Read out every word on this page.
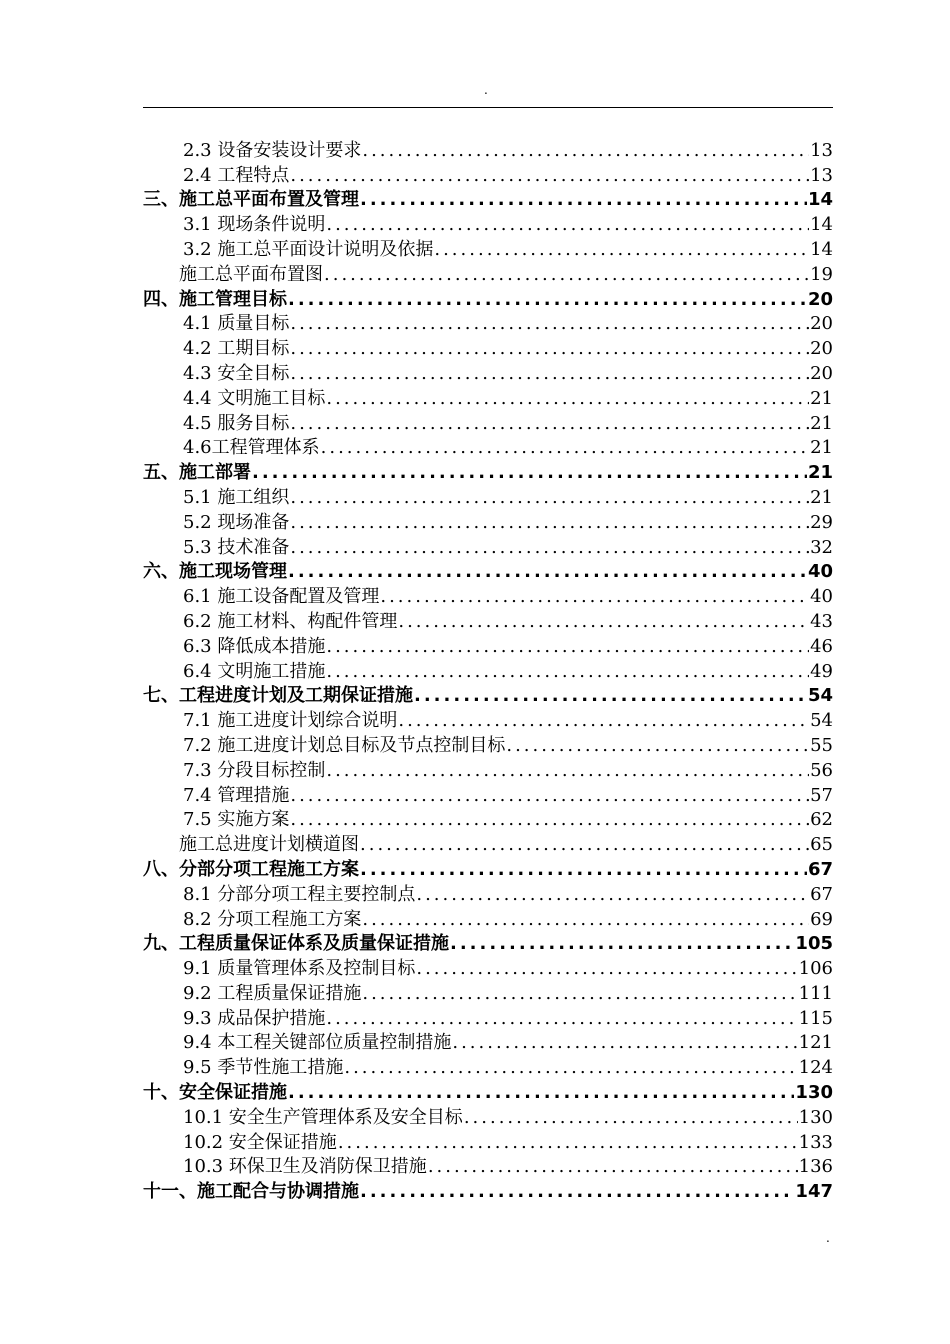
.
2.3 设备安装设计要求 .....	13
2.4 工程特点 .....	13
三、施工总平面布置及管理 .....	14
3.1 现场条件说明 .....	14
3.2 施工总平面设计说明及依据 .....	14
施工总平面布置图 .....	19
四、施工管理目标 .....	20
4.1 质量目标 .....	20
4.2 工期目标 .....	20
4.3 安全目标 .....	20
4.4 文明施工目标 .....	21
4.5 服务目标 .....	21
4.6工程管理体系 .....	21
五、施工部署 .....	21
5.1 施工组织 .....	21
5.2 现场准备 .....	29
5.3 技术准备 .....	32
六、施工现场管理 .....	40
6.1 施工设备配置及管理 .....	40
6.2 施工材料、构配件管理 .....	43
6.3 降低成本措施 .....	46
6.4 文明施工措施 .....	49
七、工程进度计划及工期保证措施 .....	54
7.1 施工进度计划综合说明 .....	54
7.2 施工进度计划总目标及节点控制目标 .....	55
7.3 分段目标控制 .....	56
7.4 管理措施 .....	57
7.5 实施方案 .....	62
施工总进度计划横道图 .....	65
八、分部分项工程施工方案 .....	67
8.1 分部分项工程主要控制点 .....	67
8.2 分项工程施工方案 .....	69
九、工程质量保证体系及质量保证措施 .....	105
9.1 质量管理体系及控制目标 .....	106
9.2 工程质量保证措施 .....	111
9.3 成品保护措施 .....	115
9.4 本工程关键部位质量控制措施 .....	121
9.5 季节性施工措施 .....	124
十、安全保证措施 .....	130
10.1 安全生产管理体系及安全目标 .....	130
10.2 安全保证措施 .....	133
10.3 环保卫生及消防保卫措施 .....	136
十一、施工配合与协调措施 .....	147
.
